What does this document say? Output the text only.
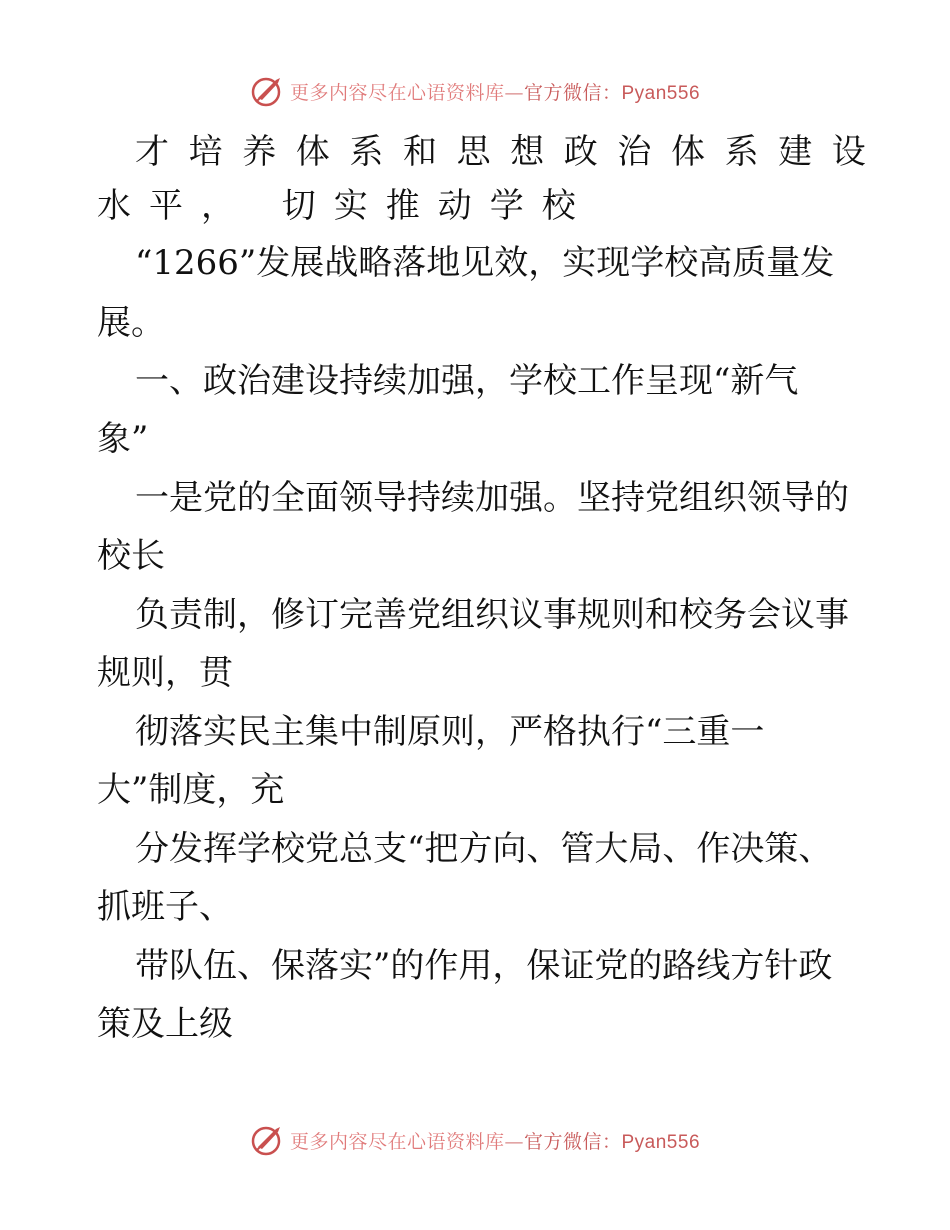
更多内容尽在心语资料库—官方微信：Pyan556
才培养体系和思想政治体系建设
水平， 切实推动学校
“1266”发展战略落地见效，实现学校高质量发
展。
一、政治建设持续加强，学校工作呈现“新气
象”
一是党的全面领导持续加强。坚持党组织领导的
校长
负责制，修订完善党组织议事规则和校务会议事
规则，贯
彻落实民主集中制原则，严格执行“三重一
大”制度，充
分发挥学校党总支“把方向、管大局、作决策、
抓班子、
带队伍、保落实”的作用，保证党的路线方针政
策及上级
更多内容尽在心语资料库—官方微信：Pyan556
